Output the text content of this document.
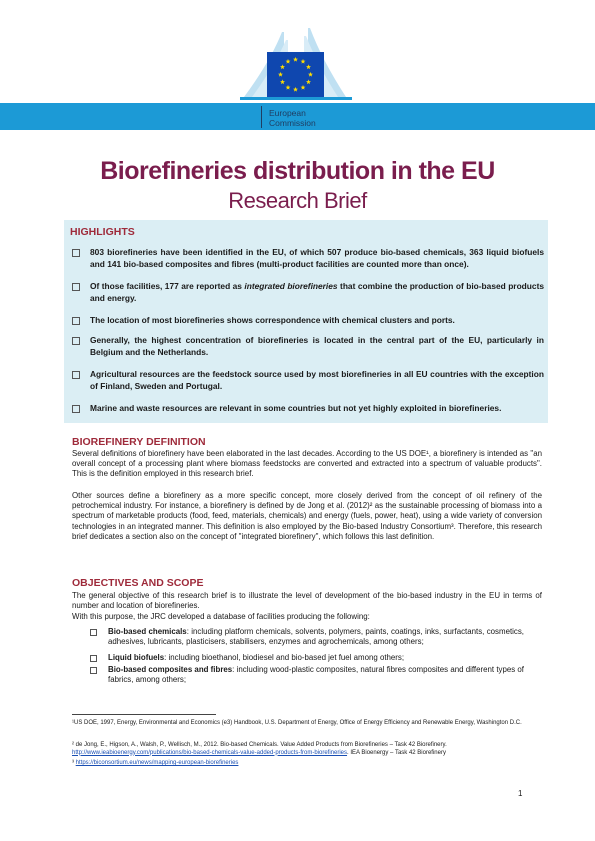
European
Commission
Biorefineries distribution in the EU
Research Brief
HIGHLIGHTS
803 biorefineries have been identified in the EU, of which 507 produce bio-based chemicals, 363 liquid biofuels and 141 bio-based composites and fibres (multi-product facilities are counted more than once).
Of those facilities, 177 are reported as integrated biorefineries that combine the production of bio-based products and energy.
The location of most biorefineries shows correspondence with chemical clusters and ports.
Generally, the highest concentration of biorefineries is located in the central part of the EU, particularly in Belgium and the Netherlands.
Agricultural resources are the feedstock source used by most biorefineries in all EU countries with the exception of Finland, Sweden and Portugal.
Marine and waste resources are relevant in some countries but not yet highly exploited in biorefineries.
BIOREFINERY DEFINITION
Several definitions of biorefinery have been elaborated in the last decades. According to the US DOE¹, a biorefinery is intended as "an overall concept of a processing plant where biomass feedstocks are converted and extracted into a spectrum of valuable products". This is the definition employed in this research brief.
Other sources define a biorefinery as a more specific concept, more closely derived from the concept of oil refinery of the petrochemical industry. For instance, a biorefinery is defined by de Jong et al. (2012)² as the sustainable processing of biomass into a spectrum of marketable products (food, feed, materials, chemicals) and energy (fuels, power, heat), using a wide variety of conversion technologies in an integrated manner. This definition is also employed by the Bio-based Industry Consortium³. Therefore, this research brief dedicates a section also on the concept of "integrated biorefinery", which follows this last definition.
OBJECTIVES AND SCOPE
The general objective of this research brief is to illustrate the level of development of the bio-based industry in the EU in terms of number and location of biorefineries.
With this purpose, the JRC developed a database of facilities producing the following:
Bio-based chemicals: including platform chemicals, solvents, polymers, paints, coatings, inks, surfactants, cosmetics, adhesives, lubricants, plasticisers, stabilisers, enzymes and agrochemicals, among others;
Liquid biofuels: including bioethanol, biodiesel and bio-based jet fuel among others;
Bio-based composites and fibres: including wood-plastic composites, natural fibres composites and different types of fabrics, among others;
¹US DOE, 1997, Energy, Environmental and Economics (e3) Handbook, U.S. Department of Energy, Office of Energy Efficiency and Renewable Energy, Washington D.C.
² de Jong, E., Higson, A., Walsh, P., Wellisch, M., 2012. Bio-based Chemicals. Value Added Products from Biorefineries – Task 42 Biorefinery.
http://www.ieabioenergy.com/publications/bio-based-chemicals-value-added-products-from-biorefineries. IEA Bioenergy – Task 42 Biorefinery
³ https://biconsortium.eu/news/mapping-european-biorefineries
1
